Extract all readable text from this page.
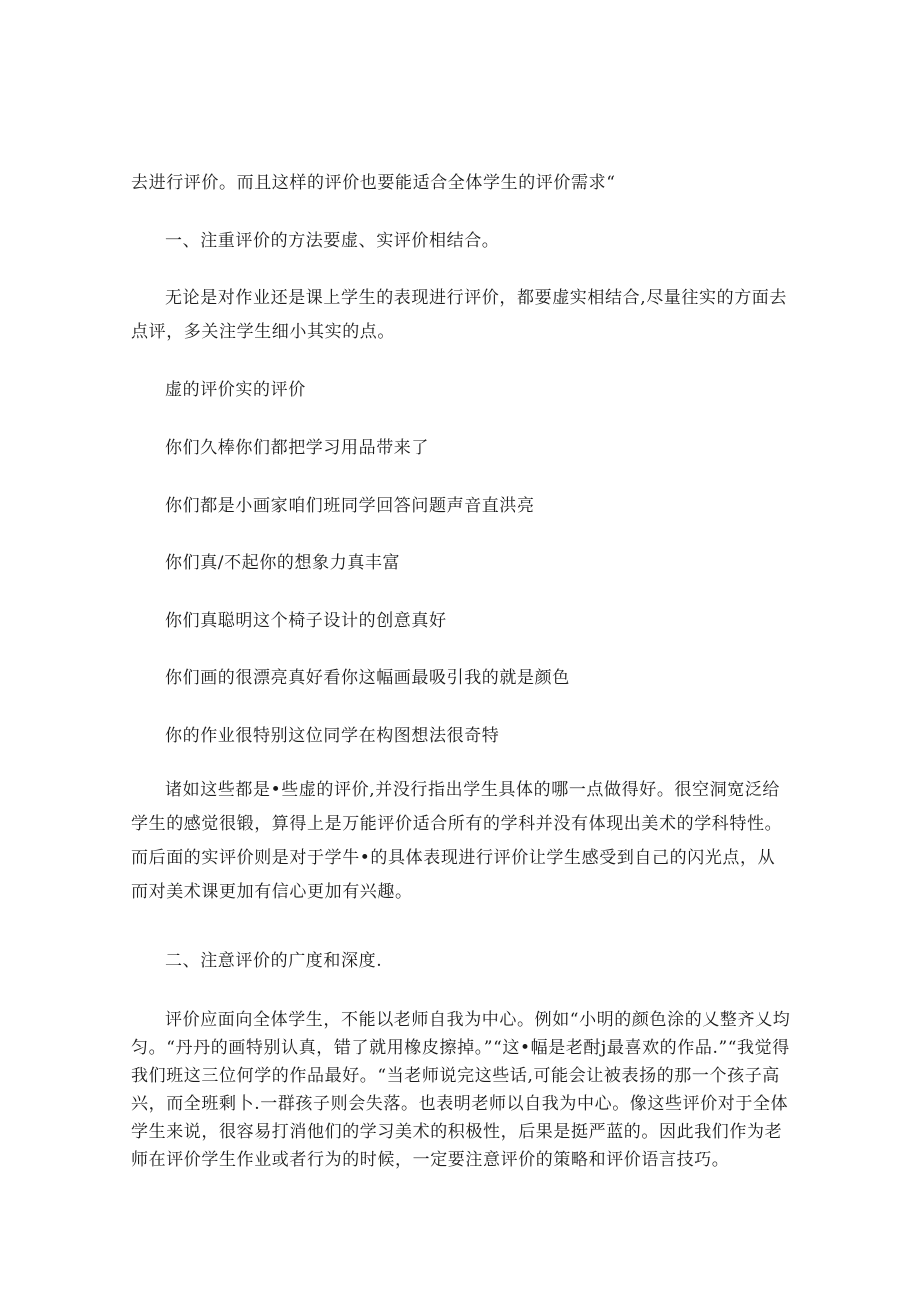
去进行评价。而且这样的评价也要能适合全体学生的评价需求“
一、注重评价的方法要虚、实评价相结合。

无论是对作业还是课上学生的表现进行评价，都要虚实相结合,尽量往实的方面去点评，多关注学生细小其实的点。

虚的评价实的评价
你们久棒你们都把学习用品带来了
你们都是小画家咱们班同学回答问题声音直洪亮
你们真/不起你的想象力真丰富
你们真聪明这个椅子设计的创意真好
你们画的很漂亮真好看你这幅画最吸引我的就是颜色
你的作业很特别这位同学在构图想法很奇特

诸如这些都是•些虚的评价,并没行指出学生具体的哪一点做得好。很空洞宽泛给学生的感觉很锻，算得上是万能评价适合所有的学科并没有体现出美术的学科特性。而后面的实评价则是对于学牛•的具体表现进行评价让学生感受到自己的闪光点，从而对美术课更加有信心更加有兴趣。

二、注意评价的广度和深度.

评价应面向全体学生，不能以老师自我为中心。例如“小明的颜色涂的乂整齐乂均匀。“丹丹的画特别认真，错了就用橡皮擦掉。”“这•幅是老酎j最喜欢的作品.”“我觉得我们班这三位何学的作品最好。“当老师说完这些话,可能会让被表扬的那一个孩子高兴，而全班剩卜.一群孩子则会失落。也表明老师以自我为中心。像这些评价对于全体学生来说，很容易打消他们的学习美术的积极性，后果是挺严蓝的。因此我们作为老师在评价学生作业或者行为的时候，一定要注意评价的策略和评价语言技巧。
